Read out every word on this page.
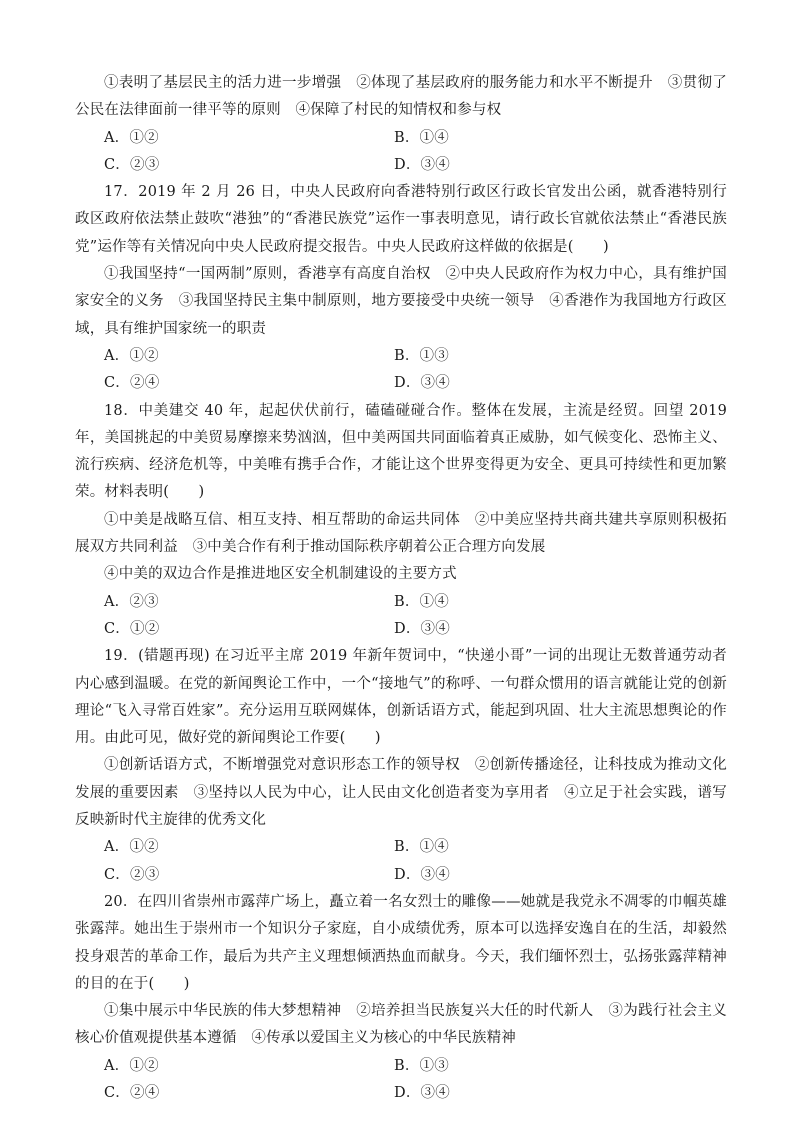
①表明了基层民主的活力进一步增强　②体现了基层政府的服务能力和水平不断提升　③贯彻了公民在法律面前一律平等的原则　④保障了村民的知情权和参与权

A．①②	B．①④
C．②③	D．③④

17．2019 年 2 月 26 日，中央人民政府向香港特别行政区行政长官发出公函，就香港特别行政区政府依法禁止鼓吹“港独”的“香港民族党”运作一事表明意见，请行政长官就依法禁止“香港民族党”运作等有关情况向中央人民政府提交报告。中央人民政府这样做的依据是(　　)

①我国坚持“一国两制”原则，香港享有高度自治权　②中央人民政府作为权力中心，具有维护国家安全的义务　③我国坚持民主集中制原则，地方要接受中央统一领导　④香港作为我国地方行政区域，具有维护国家统一的职责

A．①②	B．①③
C．②④	D．③④

18．中美建交 40 年，起起伏伏前行，磕磕碰碰合作。整体在发展，主流是经贸。回望 2019 年，美国挑起的中美贸易摩擦来势汹汹，但中美两国共同面临着真正威胁，如气候变化、恐怖主义、流行疾病、经济危机等，中美唯有携手合作，才能让这个世界变得更为安全、更具可持续性和更加繁荣。材料表明(　　)

①中美是战略互信、相互支持、相互帮助的命运共同体　②中美应坚持共商共建共享原则积极拓展双方共同利益　③中美合作有利于推动国际秩序朝着公正合理方向发展

④中美的双边合作是推进地区安全机制建设的主要方式

A．②③	B．①④
C．①②	D．③④

19．(错题再现) 在习近平主席 2019 年新年贺词中，“快递小哥”一词的出现让无数普通劳动者内心感到温暖。在党的新闻舆论工作中，一个“接地气”的称呼、一句群众惯用的语言就能让党的创新理论“飞入寻常百姓家”。充分运用互联网媒体，创新话语方式，能起到巩固、壮大主流思想舆论的作用。由此可见，做好党的新闻舆论工作要(　　)

①创新话语方式，不断增强党对意识形态工作的领导权　②创新传播途径，让科技成为推动文化发展的重要因素　③坚持以人民为中心，让人民由文化创造者变为享用者　④立足于社会实践，谱写反映新时代主旋律的优秀文化

A．①②	B．①④
C．②③	D．③④

20．在四川省崇州市露萍广场上，矗立着一名女烈士的雕像——她就是我党永不凋零的巾帼英雄张露萍。她出生于崇州市一个知识分子家庭，自小成绩优秀，原本可以选择安逸自在的生活，却毅然投身艰苦的革命工作，最后为共产主义理想倾洒热血而献身。今天，我们缅怀烈士，弘扬张露萍精神的目的在于(　　)

①集中展示中华民族的伟大梦想精神　②培养担当民族复兴大任的时代新人　③为践行社会主义核心价值观提供基本遵循　④传承以爱国主义为核心的中华民族精神

A．①②	B．①③
C．②④	D．③④
